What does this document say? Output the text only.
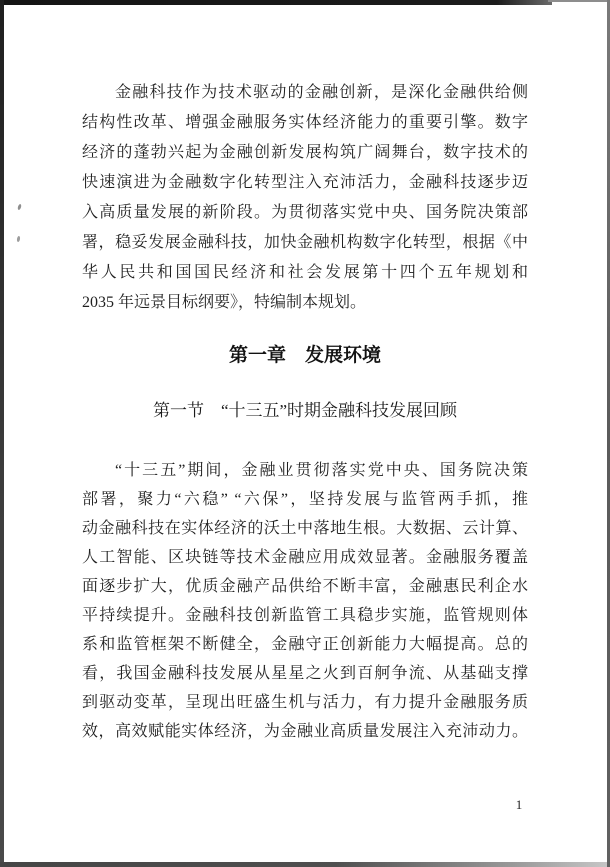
金融科技作为技术驱动的金融创新，是深化金融供给侧
结构性改革、增强金融服务实体经济能力的重要引擎。数字
经济的蓬勃兴起为金融创新发展构筑广阔舞台，数字技术的
快速演进为金融数字化转型注入充沛活力，金融科技逐步迈
入高质量发展的新阶段。为贯彻落实党中央、国务院决策部
署，稳妥发展金融科技，加快金融机构数字化转型，根据《中
华人民共和国国民经济和社会发展第十四个五年规划和
2035 年远景目标纲要》，特编制本规划。
第一章　发展环境
第一节　“十三五”时期金融科技发展回顾
“十三五”期间，金融业贯彻落实党中央、国务院决策
部署，聚力“六稳” “六保”，坚持发展与监管两手抓，推
动金融科技在实体经济的沃土中落地生根。大数据、云计算、
人工智能、区块链等技术金融应用成效显著。金融服务覆盖
面逐步扩大，优质金融产品供给不断丰富，金融惠民利企水
平持续提升。金融科技创新监管工具稳步实施，监管规则体
系和监管框架不断健全，金融守正创新能力大幅提高。总的
看，我国金融科技发展从星星之火到百舸争流、从基础支撑
到驱动变革，呈现出旺盛生机与活力，有力提升金融服务质
效，高效赋能实体经济，为金融业高质量发展注入充沛动力。
1
